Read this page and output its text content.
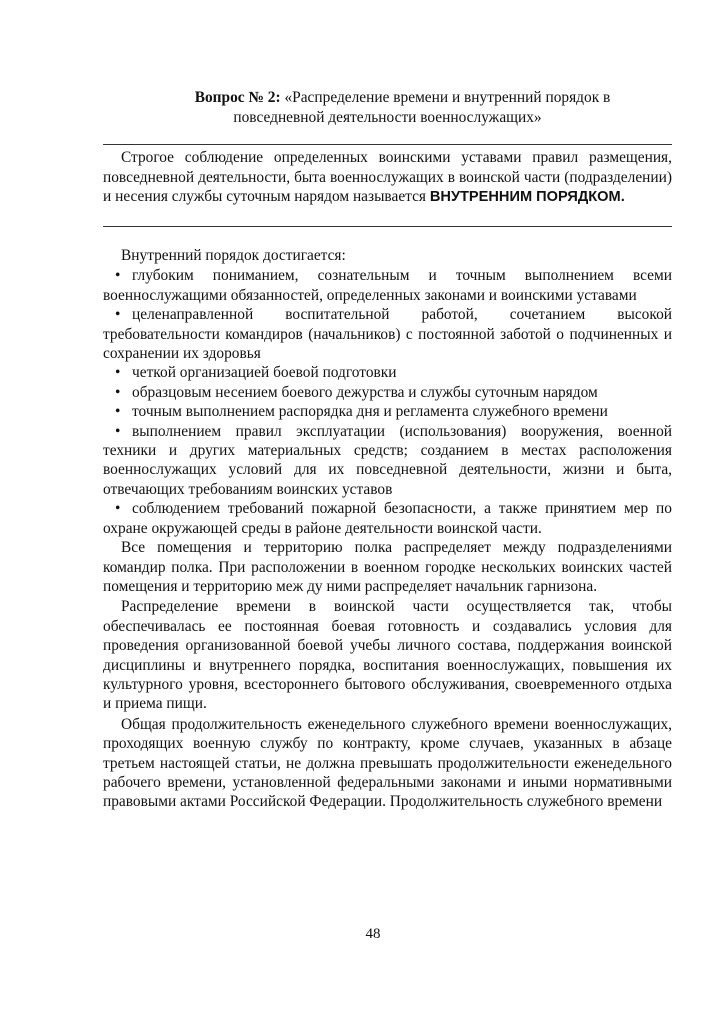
Вопрос № 2: «Распределение времени и внутренний порядок в
повседневной деятельности военнослужащих»
Строгое соблюдение определенных воинскими уставами правил размещения, повседневной деятельности, быта военнослужащих в воинской части (подразделении) и несения службы суточным нарядом называется ВНУТРЕННИМ ПОРЯДКОМ.

Внутренний порядок достигается:

• глубоким пониманием, сознательным и точным выполнением всеми военнослужащими обязанностей, определенных законами и воинскими уставами

• целенаправленной воспитательной работой, сочетанием высокой требовательности командиров (начальников) с постоянной заботой о подчиненных и сохранении их здоровья

• четкой организацией боевой подготовки

• образцовым несением боевого дежурства и службы суточным нарядом

• точным выполнением распорядка дня и регламента служебного времени

• выполнением правил эксплуатации (использования) вооружения, военной техники и других материальных средств; созданием в местах расположения военнослужащих условий для их повседневной деятельности, жизни и быта, отвечающих требованиям воинских уставов

• соблюдением требований пожарной безопасности, а также принятием мер по охране окружающей среды в районе деятельности воинской части.

Все помещения и территорию полка распределяет между подразделениями командир полка. При расположении в военном городке нескольких воинских частей помещения и территорию меж ду ними распределяет начальник гарнизона.

Распределение времени в воинской части осуществляется так, чтобы обеспечивалась ее постоянная боевая готовность и создавались условия для проведения организованной боевой учебы личного состава, поддержания воинской дисциплины и внутреннего порядка, воспитания военнослужащих, повышения их культурного уровня, всестороннего бытового обслуживания, своевременного отдыха и приема пищи.

Общая продолжительность еженедельного служебного времени военнослужащих, проходящих военную службу по контракту, кроме случаев, указанных в абзаце третьем настоящей статьи, не должна превышать продолжительности еженедельного рабочего времени, установленной федеральными законами и иными нормативными правовыми актами Российской Федерации. Продолжительность служебного времени

48
